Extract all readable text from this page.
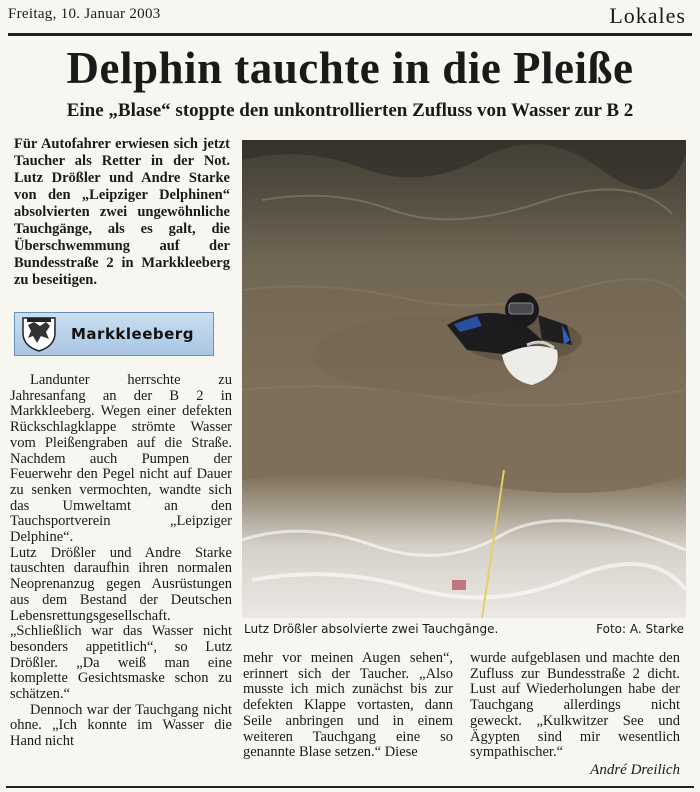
Freitag, 10. Januar 2003	Lokales
Delphin tauchte in die Pleiße
Eine „Blase“ stoppte den unkontrollierten Zufluss von Wasser zur B 2
Für Autofahrer erwiesen sich jetzt Taucher als Retter in der Not. Lutz Drößler und Andre Starke von den „Leipziger Delphinen“ absolvierten zwei ungewöhnliche Tauchgänge, als es galt, die Überschwemmung auf der Bundesstraße 2 in Markkleeberg zu beseitigen.
Markkleeberg

Landunter herrschte zu Jahresanfang an der B 2 in Markkleeberg. Wegen einer defekten Rückschlagklappe strömte Wasser vom Pleißengraben auf die Straße. Nachdem auch Pumpen der Feuerwehr den Pegel nicht auf Dauer zu senken vermochten, wandte sich das Umweltamt an den Tauchsportverein „Leipziger Delphine“.

Lutz Drößler und Andre Starke tauschten daraufhin ihren normalen Neoprenanzug gegen Ausrüstungen aus dem Bestand der Deutschen Lebensrettungsgesellschaft. „Schließlich war das Wasser nicht besonders appetitlich“, so Lutz Drößler. „Da weiß man eine komplette Gesichtsmaske schon zu schätzen.“

Dennoch war der Tauchgang nicht ohne. „Ich konnte im Wasser die Hand nicht

Lutz Drößler absolvierte zwei Tauchgänge.	Foto: A. Starke
mehr vor meinen Augen sehen“, erinnert sich der Taucher. „Also musste ich mich zunächst bis zur defekten Klappe vortasten, dann Seile anbringen und in einem weiteren Tauchgang eine so genannte Blase setzen.“ Diese
wurde aufgeblasen und machte den Zufluss zur Bundesstraße 2 dicht. Lust auf Wiederholungen habe der Tauchgang allerdings nicht geweckt. „Kulkwitzer See und Ägypten sind mir wesentlich sympathischer.“
André Dreilich
